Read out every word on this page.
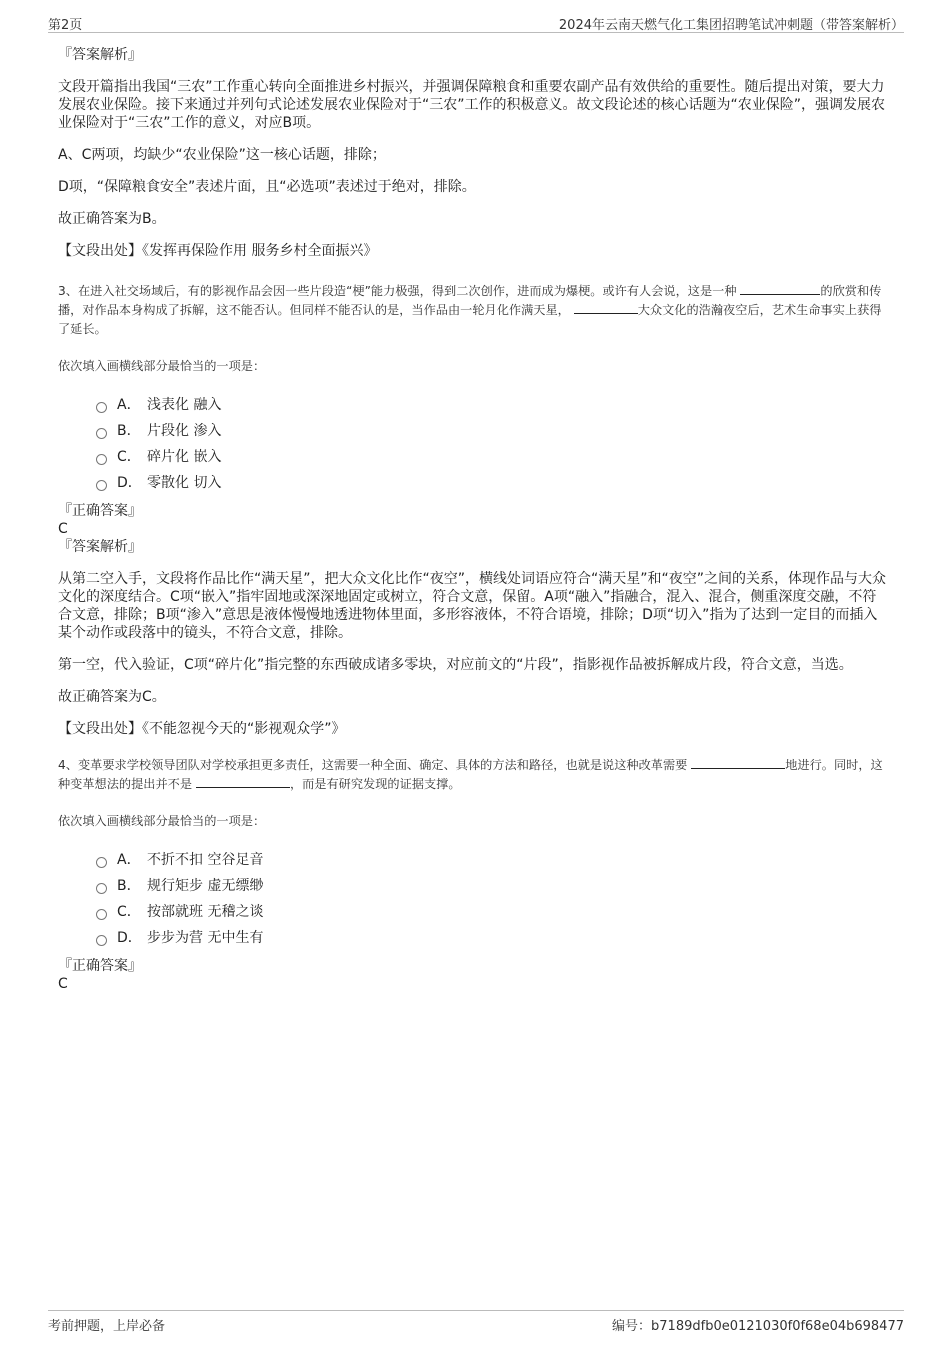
第2页	2024年云南天燃气化工集团招聘笔试冲刺题（带答案解析）
『答案解析』

文段开篇指出我国“三农”工作重心转向全面推进乡村振兴，并强调保障粮食和重要农副产品有效供给的重要性。随后提出对策，要大力发展农业保险。接下来通过并列句式论述发展农业保险对于“三农”工作的积极意义。故文段论述的核心话题为“农业保险”，强调发展农业保险对于“三农”工作的意义，对应B项。

A、C两项，均缺少“农业保险”这一核心话题，排除；

D项，“保障粮食安全”表述片面，且“必选项”表述过于绝对，排除。

故正确答案为B。

【文段出处】《发挥再保险作用 服务乡村全面振兴》

3、在进入社交场域后，有的影视作品会因一些片段造“梗”能力极强，得到二次创作，进而成为爆梗。或许有人会说，这是一种	的欣赏和传播，对作品本身构成了拆解，这不能否认。但同样不能否认的是，当作品由一轮月化作满天星，	大众文化的浩瀚夜空后，艺术生命事实上获得了延长。

依次填入画横线部分最恰当的一项是：

A． 浅表化 融入
B． 片段化 渗入
C． 碎片化 嵌入
D． 零散化 切入
『正确答案』
C
『答案解析』

从第二空入手，文段将作品比作“满天星”，把大众文化比作“夜空”，横线处词语应符合“满天星”和“夜空”之间的关系，体现作品与大众文化的深度结合。C项“嵌入”指牢固地或深深地固定或树立，符合文意，保留。A项“融入”指融合，混入、混合，侧重深度交融，不符合文意，排除；B项“渗入”意思是液体慢慢地透进物体里面，多形容液体，不符合语境，排除；D项“切入”指为了达到一定目的而插入某个动作或段落中的镜头，不符合文意，排除。

第一空，代入验证，C项“碎片化”指完整的东西破成诸多零块，对应前文的“片段”，指影视作品被拆解成片段，符合文意，当选。

故正确答案为C。

【文段出处】《不能忽视今天的“影视观众学”》

4、变革要求学校领导团队对学校承担更多责任，这需要一种全面、确定、具体的方法和路径，也就是说这种改革需要	地进行。同时，这种变革想法的提出并不是	，而是有研究发现的证据支撑。

依次填入画横线部分最恰当的一项是：

A． 不折不扣 空谷足音
B． 规行矩步 虚无缥缈
C． 按部就班 无稽之谈
D． 步步为营 无中生有
『正确答案』
C
考前押题，上岸必备	编号：b7189dfb0e0121030f0f68e04b698477
